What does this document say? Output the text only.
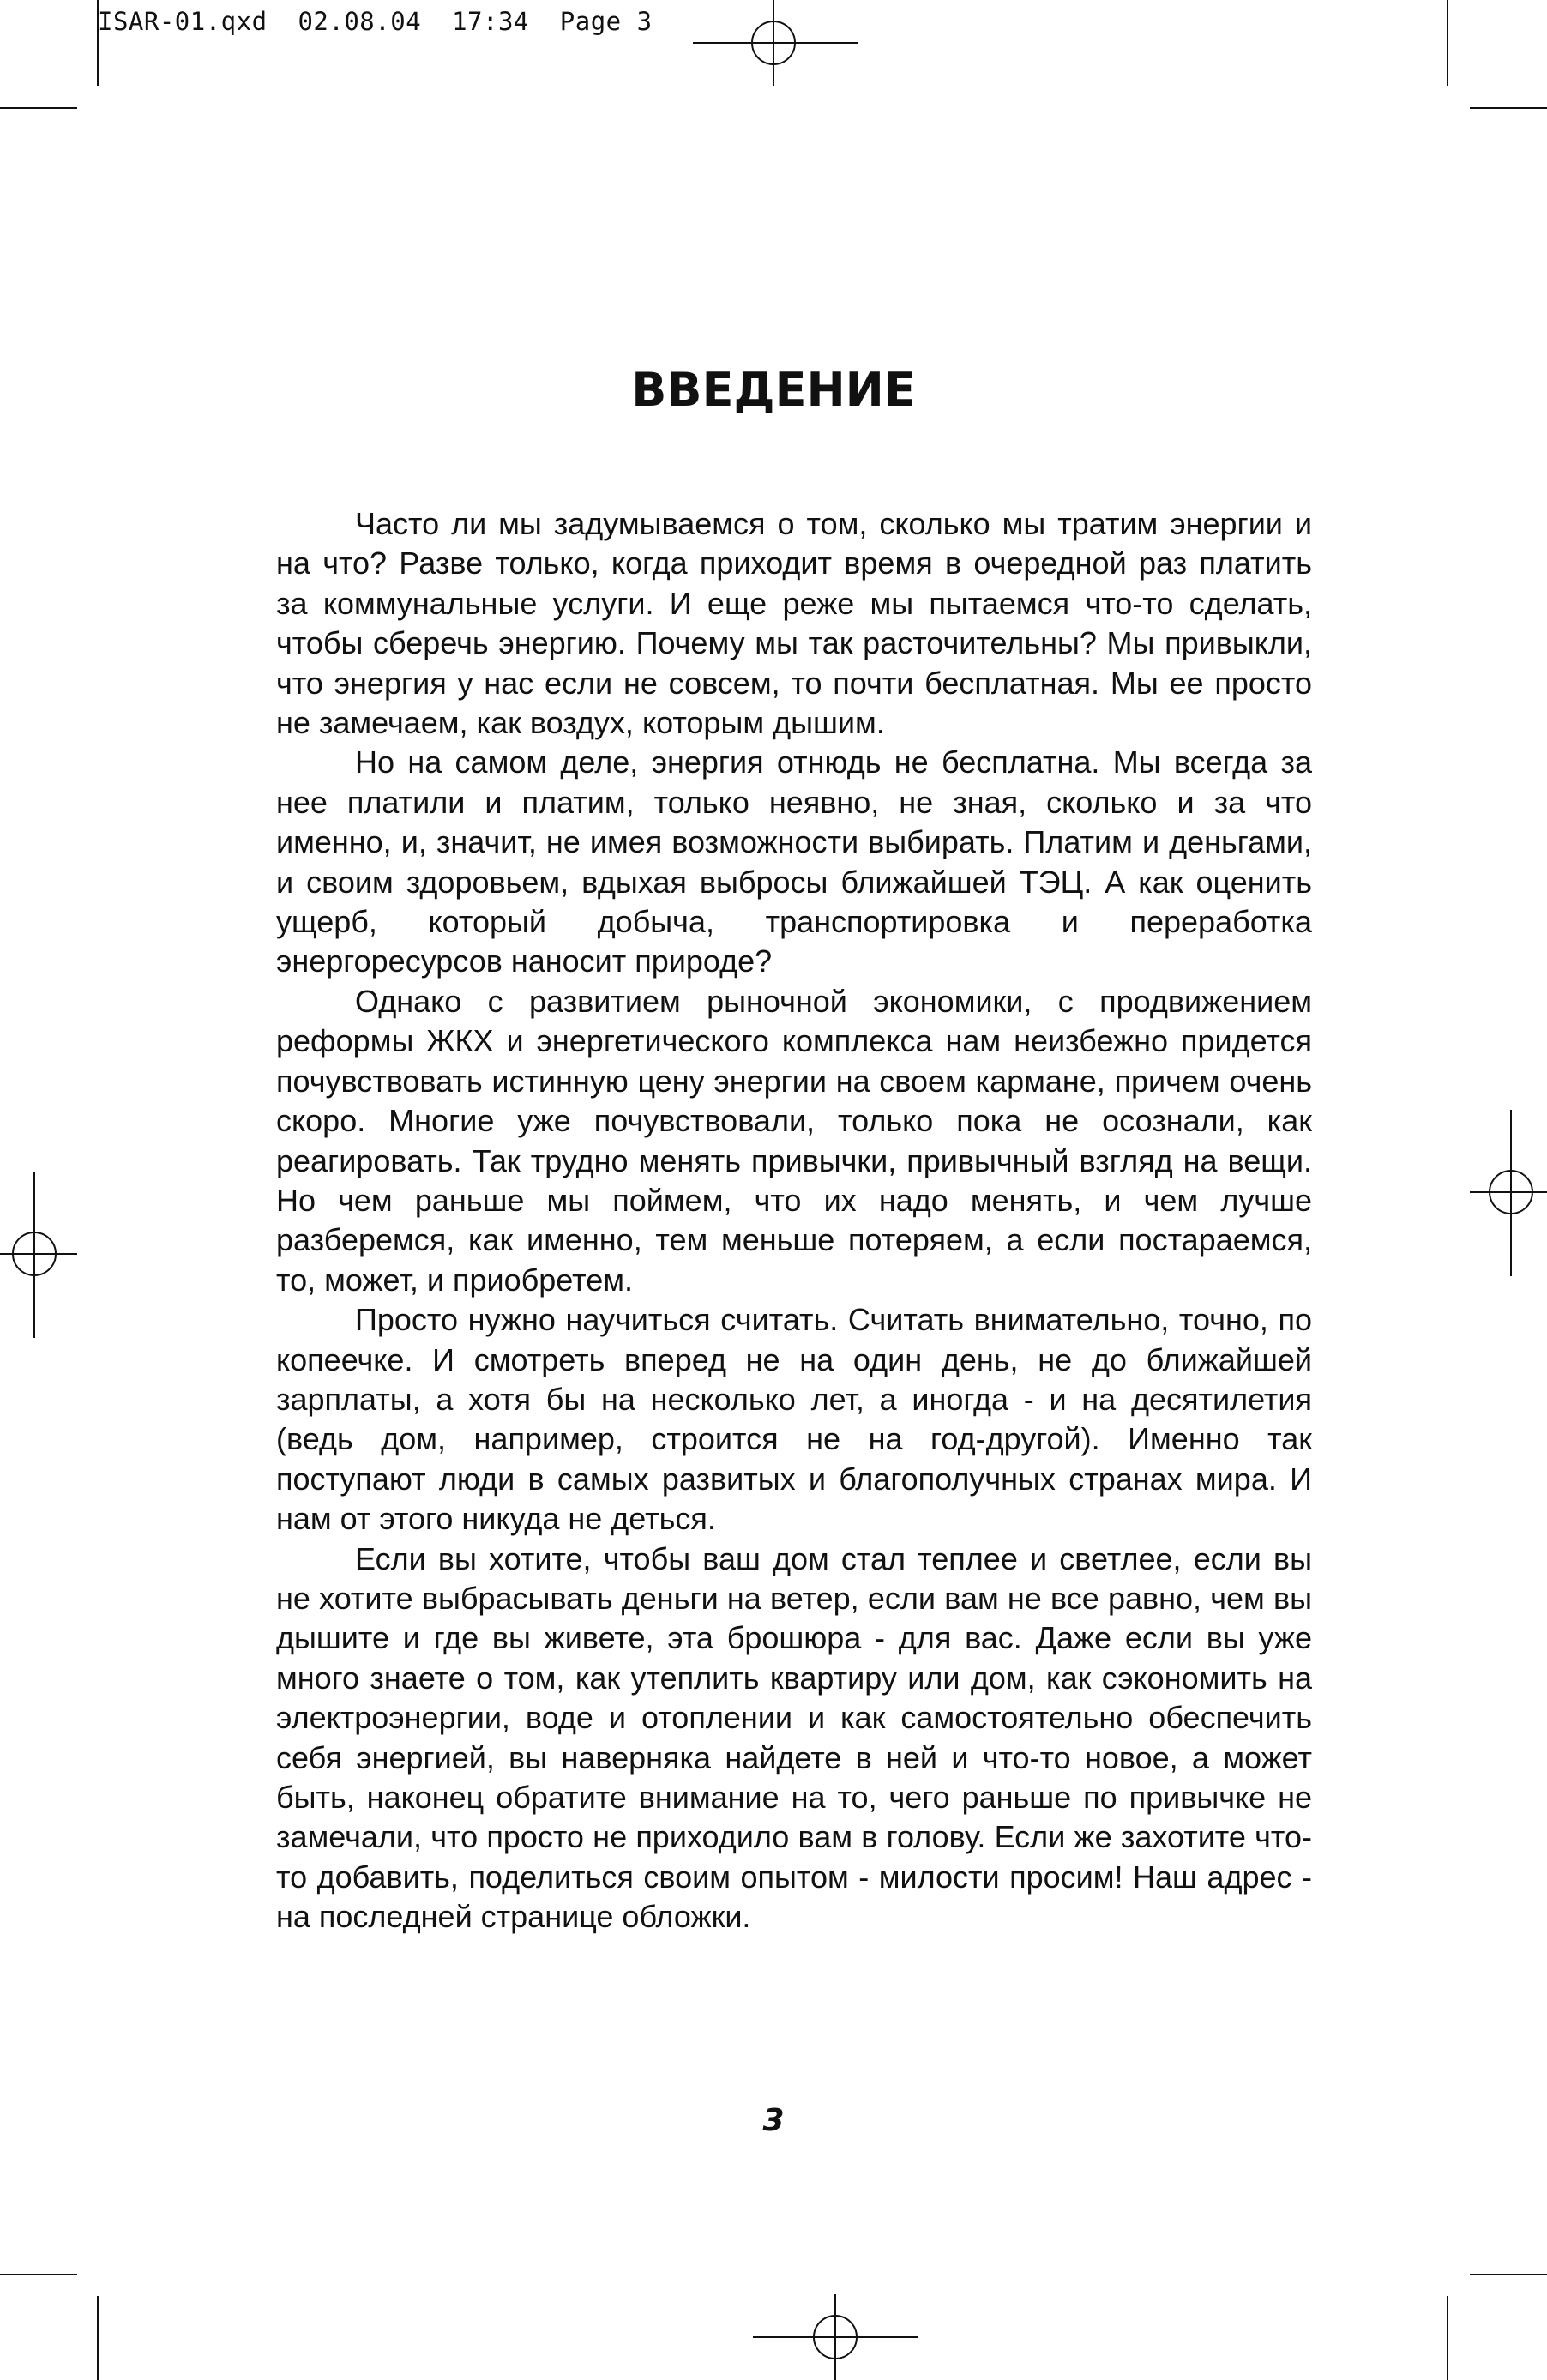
ISAR-01.qxd  02.08.04  17:34  Page 3
ВВЕДЕНИЕ

Часто ли мы задумываемся о том, сколько мы тратим энергии и на что? Разве только, когда приходит время в очередной раз платить за коммунальные услуги. И еще реже мы пытаемся что-то сделать, чтобы сберечь энергию. Почему мы так расточительны? Мы привыкли, что энергия у нас если не совсем, то почти бесплатная. Мы ее просто не замечаем, как воздух, которым дышим.

Но на самом деле, энергия отнюдь не бесплатна. Мы всегда за нее платили и платим, только неявно, не зная, сколько и за что именно, и, значит, не имея возможности выбирать. Платим и деньгами, и своим здоровьем, вдыхая выбросы ближайшей ТЭЦ. А как оценить ущерб, который добыча, транспортировка и переработка энергоресурсов наносит природе?

Однако с развитием рыночной экономики, с продвижением реформы ЖКХ и энергетического комплекса нам неизбежно придется почувствовать истинную цену энергии на своем кармане, причем очень скоро. Многие уже почувствовали, только пока не осознали, как реагировать. Так трудно менять привычки, привычный взгляд на вещи. Но чем раньше мы поймем, что их надо менять, и чем лучше разберемся, как именно, тем меньше потеряем, а если постараемся, то, может, и приобретем.

Просто нужно научиться считать. Считать внимательно, точно, по копеечке. И смотреть вперед не на один день, не до ближайшей зарплаты, а хотя бы на несколько лет, а иногда - и на десятилетия (ведь дом, например, строится не на год-другой). Именно так поступают люди в самых развитых и благополучных странах мира. И нам от этого никуда не деться.

Если вы хотите, чтобы ваш дом стал теплее и светлее, если вы не хотите выбрасывать деньги на ветер, если вам не все равно, чем вы дышите и где вы живете, эта брошюра - для вас. Даже если вы уже много знаете о том, как утеплить квартиру или дом, как сэкономить на электроэнергии, воде и отоплении и как самостоятельно обеспечить себя энергией, вы наверняка найдете в ней и что-то новое, а может быть, наконец обратите внимание на то, чего раньше по привычке не замечали, что просто не приходило вам в голову. Если же захотите что-то добавить, поделиться своим опытом - милости просим! Наш адрес - на последней странице обложки.

3
